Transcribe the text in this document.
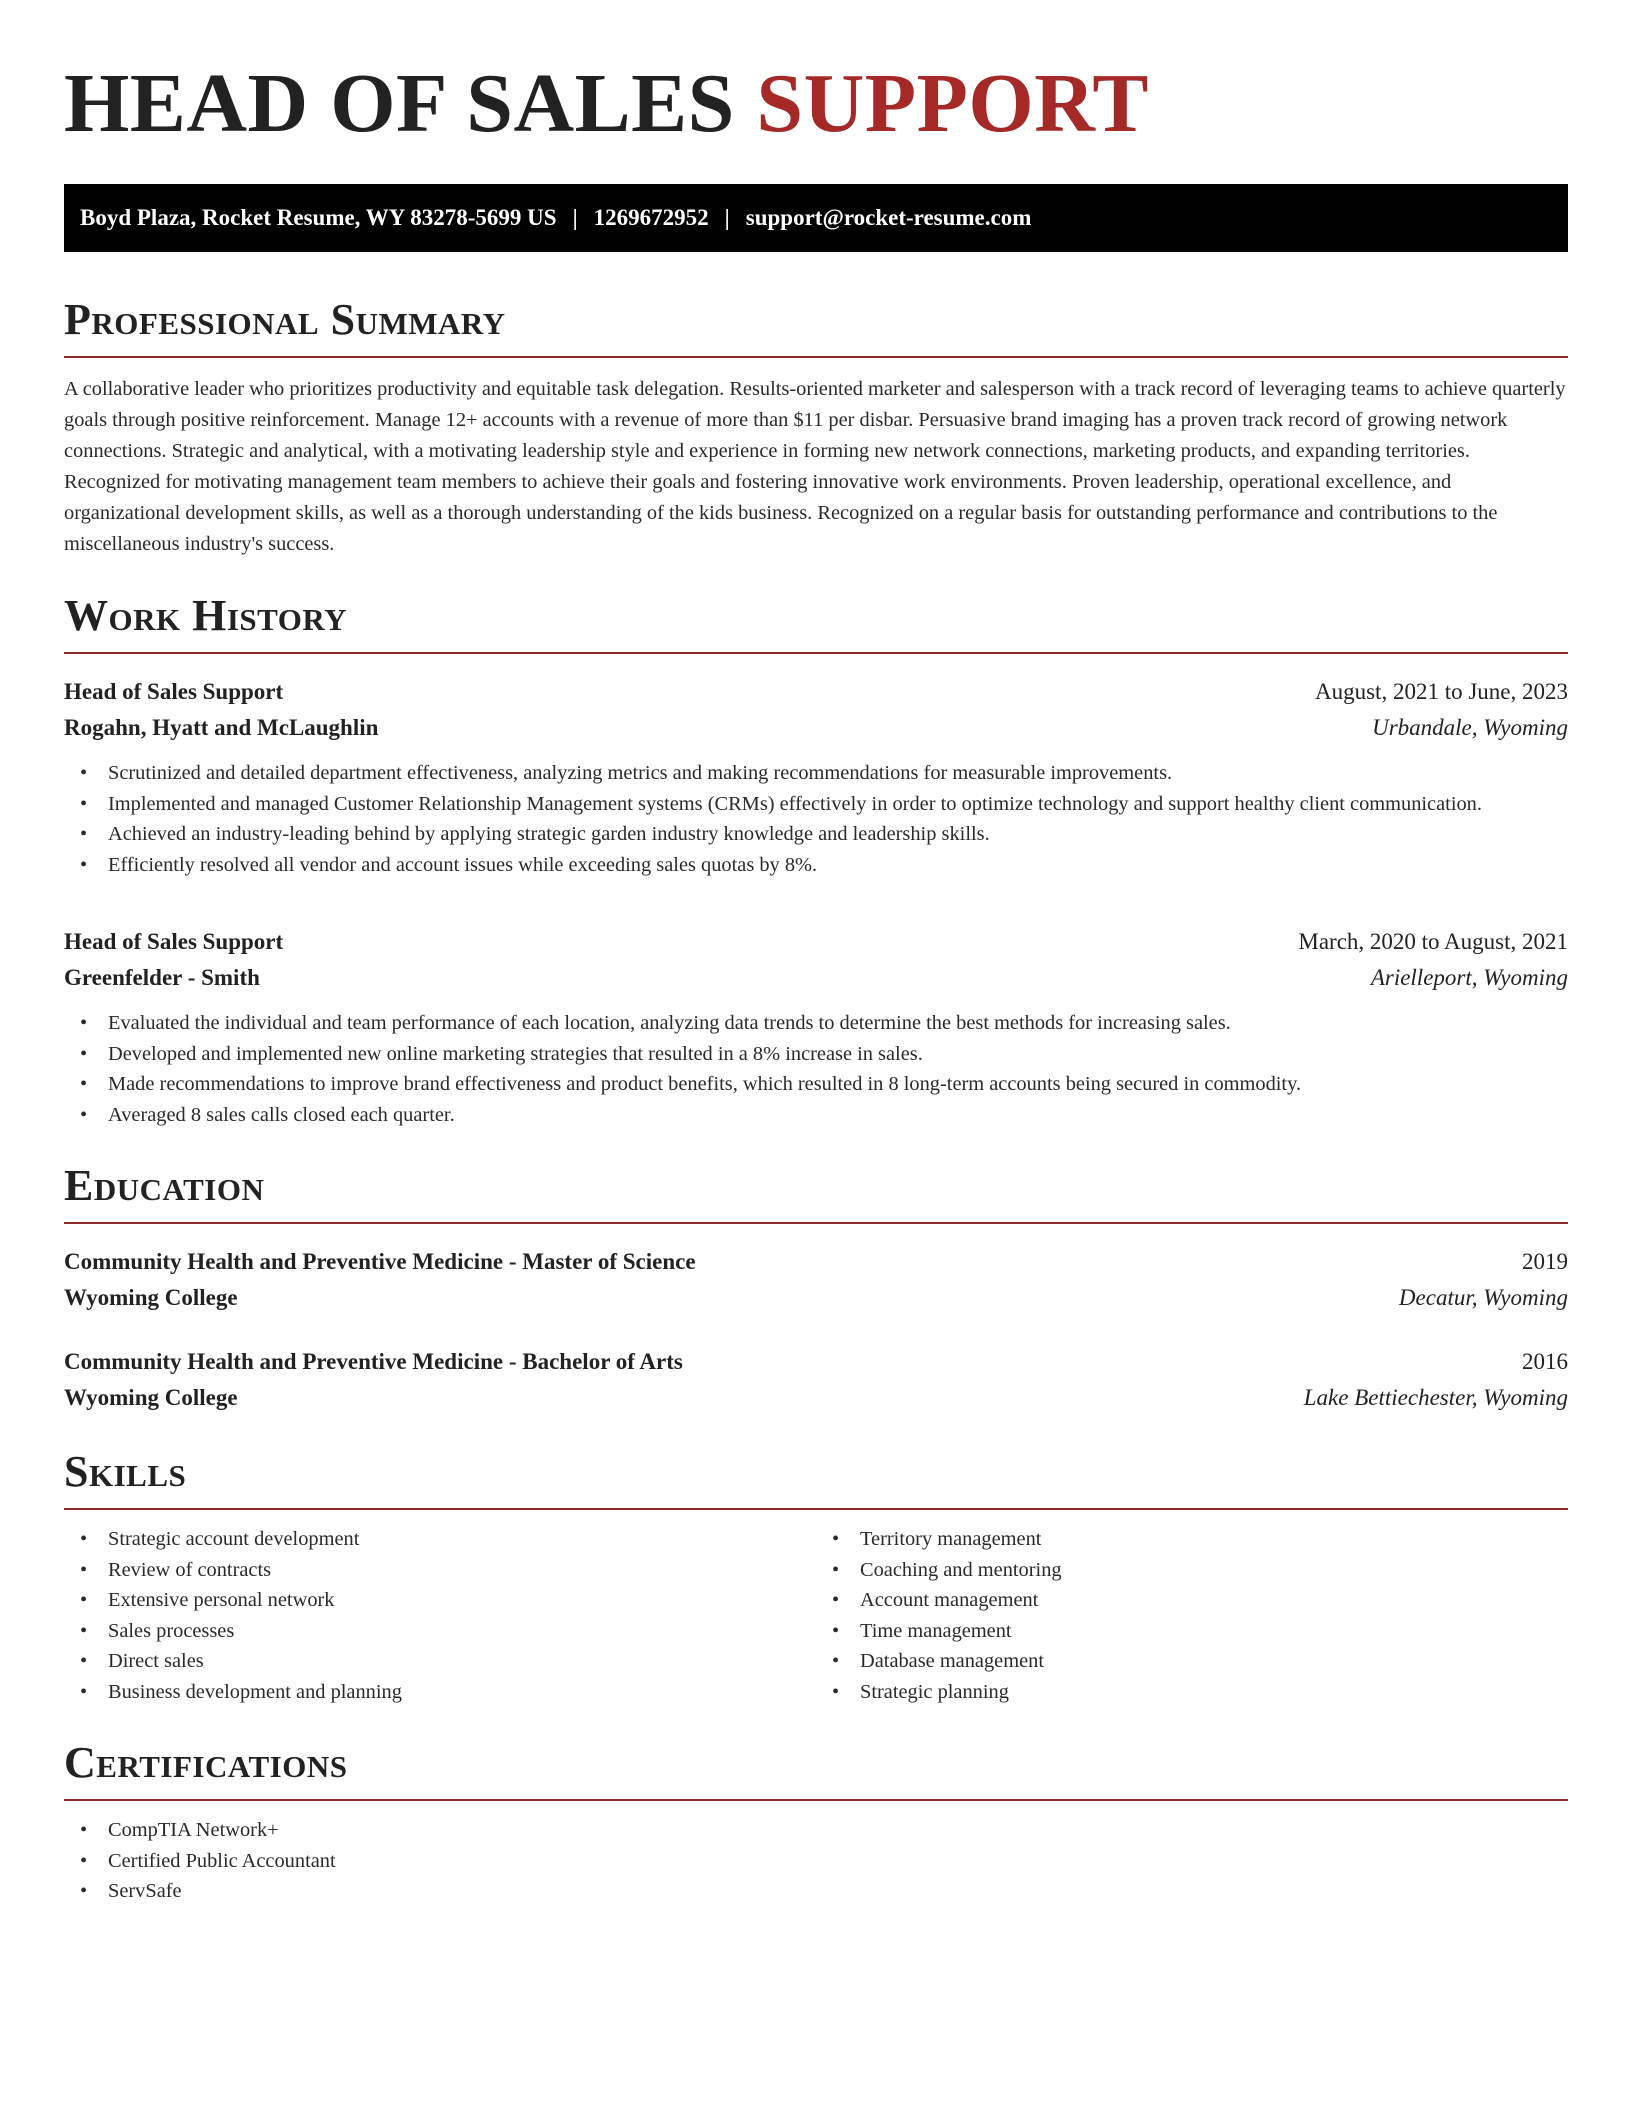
HEAD OF SALES SUPPORT
Boyd Plaza, Rocket Resume, WY 83278-5699 US | 1269672952 | support@rocket-resume.com
Professional Summary

A collaborative leader who prioritizes productivity and equitable task delegation. Results-oriented marketer and salesperson with a track record of leveraging teams to achieve quarterly goals through positive reinforcement. Manage 12+ accounts with a revenue of more than $11 per disbar. Persuasive brand imaging has a proven track record of growing network connections. Strategic and analytical, with a motivating leadership style and experience in forming new network connections, marketing products, and expanding territories. Recognized for motivating management team members to achieve their goals and fostering innovative work environments. Proven leadership, operational excellence, and organizational development skills, as well as a thorough understanding of the kids business. Recognized on a regular basis for outstanding performance and contributions to the miscellaneous industry's success.

Work History
Head of Sales Support	August, 2021 to June, 2023
Rogahn, Hyatt and McLaughlin	Urbandale, Wyoming
• Scrutinized and detailed department effectiveness, analyzing metrics and making recommendations for measurable improvements.
• Implemented and managed Customer Relationship Management systems (CRMs) effectively in order to optimize technology and support healthy client communication.
• Achieved an industry-leading behind by applying strategic garden industry knowledge and leadership skills.
• Efficiently resolved all vendor and account issues while exceeding sales quotas by 8%.
Head of Sales Support	March, 2020 to August, 2021
Greenfelder - Smith	Arielleport, Wyoming
• Evaluated the individual and team performance of each location, analyzing data trends to determine the best methods for increasing sales.
• Developed and implemented new online marketing strategies that resulted in a 8% increase in sales.
• Made recommendations to improve brand effectiveness and product benefits, which resulted in 8 long-term accounts being secured in commodity.
• Averaged 8 sales calls closed each quarter.
Education
Community Health and Preventive Medicine - Master of Science	2019
Wyoming College	Decatur, Wyoming
Community Health and Preventive Medicine - Bachelor of Arts	2016
Wyoming College	Lake Bettiechester, Wyoming
Skills
• Strategic account development
• Review of contracts
• Extensive personal network
• Sales processes
• Direct sales
• Business development and planning
• Territory management
• Coaching and mentoring
• Account management
• Time management
• Database management
• Strategic planning
Certifications
• CompTIA Network+
• Certified Public Accountant
• ServSafe
